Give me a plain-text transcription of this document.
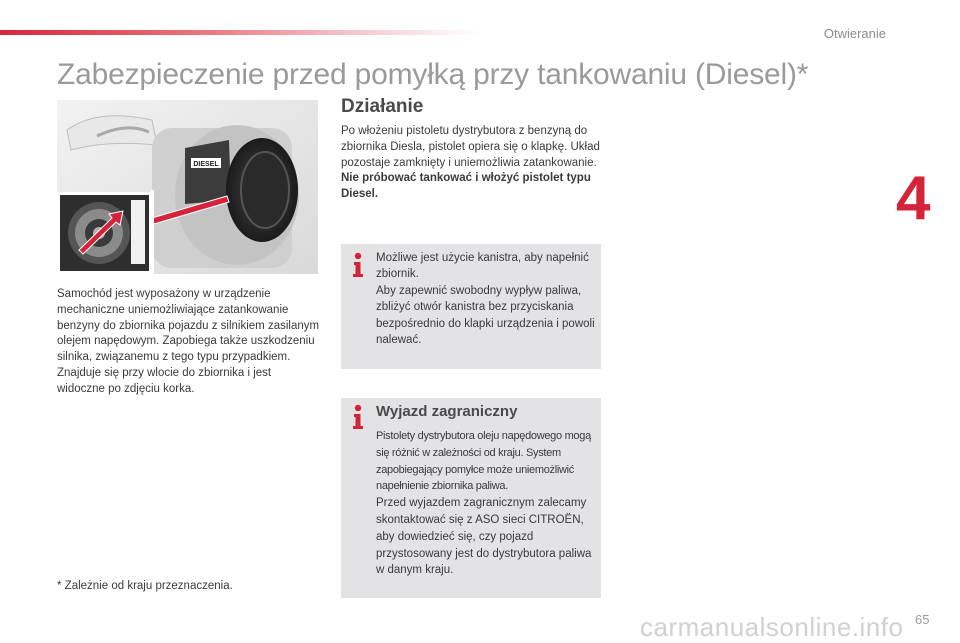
Otwieranie
4
Zabezpieczenie przed pomyłką przy tankowaniu (Diesel)*
DIESEL

Samochód jest wyposażony w urządzenie mechaniczne uniemożliwiające zatankowanie benzyny do zbiornika pojazdu z silnikiem zasilanym olejem napędowym. Zapobiega także uszkodzeniu silnika, związanemu z tego typu przypadkiem.

Znajduje się przy wlocie do zbiornika i jest widoczne po zdjęciu korka.

* Zależnie od kraju przeznaczenia.
Działanie

Po włożeniu pistoletu dystrybutora z benzyną do zbiornika Diesla, pistolet opiera się o klapkę. Układ pozostaje zamknięty i uniemożliwia zatankowanie.

Nie próbować tankować i włożyć pistolet typu Diesel.

Możliwe jest użycie kanistra, aby napełnić zbiornik.

Aby zapewnić swobodny wypływ paliwa, zbliżyć otwór kanistra bez przyciskania bezpośrednio do klapki urządzenia i powoli nalewać.

Wyjazd zagraniczny

Pistolety dystrybutora oleju napędowego mogą się różnić w zależności od kraju. System zapobiegający pomyłce może uniemożliwić napełnienie zbiornika paliwa.

Przed wyjazdem zagranicznym zalecamy skontaktować się z ASO sieci CITROËN, aby dowiedzieć się, czy pojazd przystosowany jest do dystrybutora paliwa w danym kraju.

carmanualsonline.info 65
